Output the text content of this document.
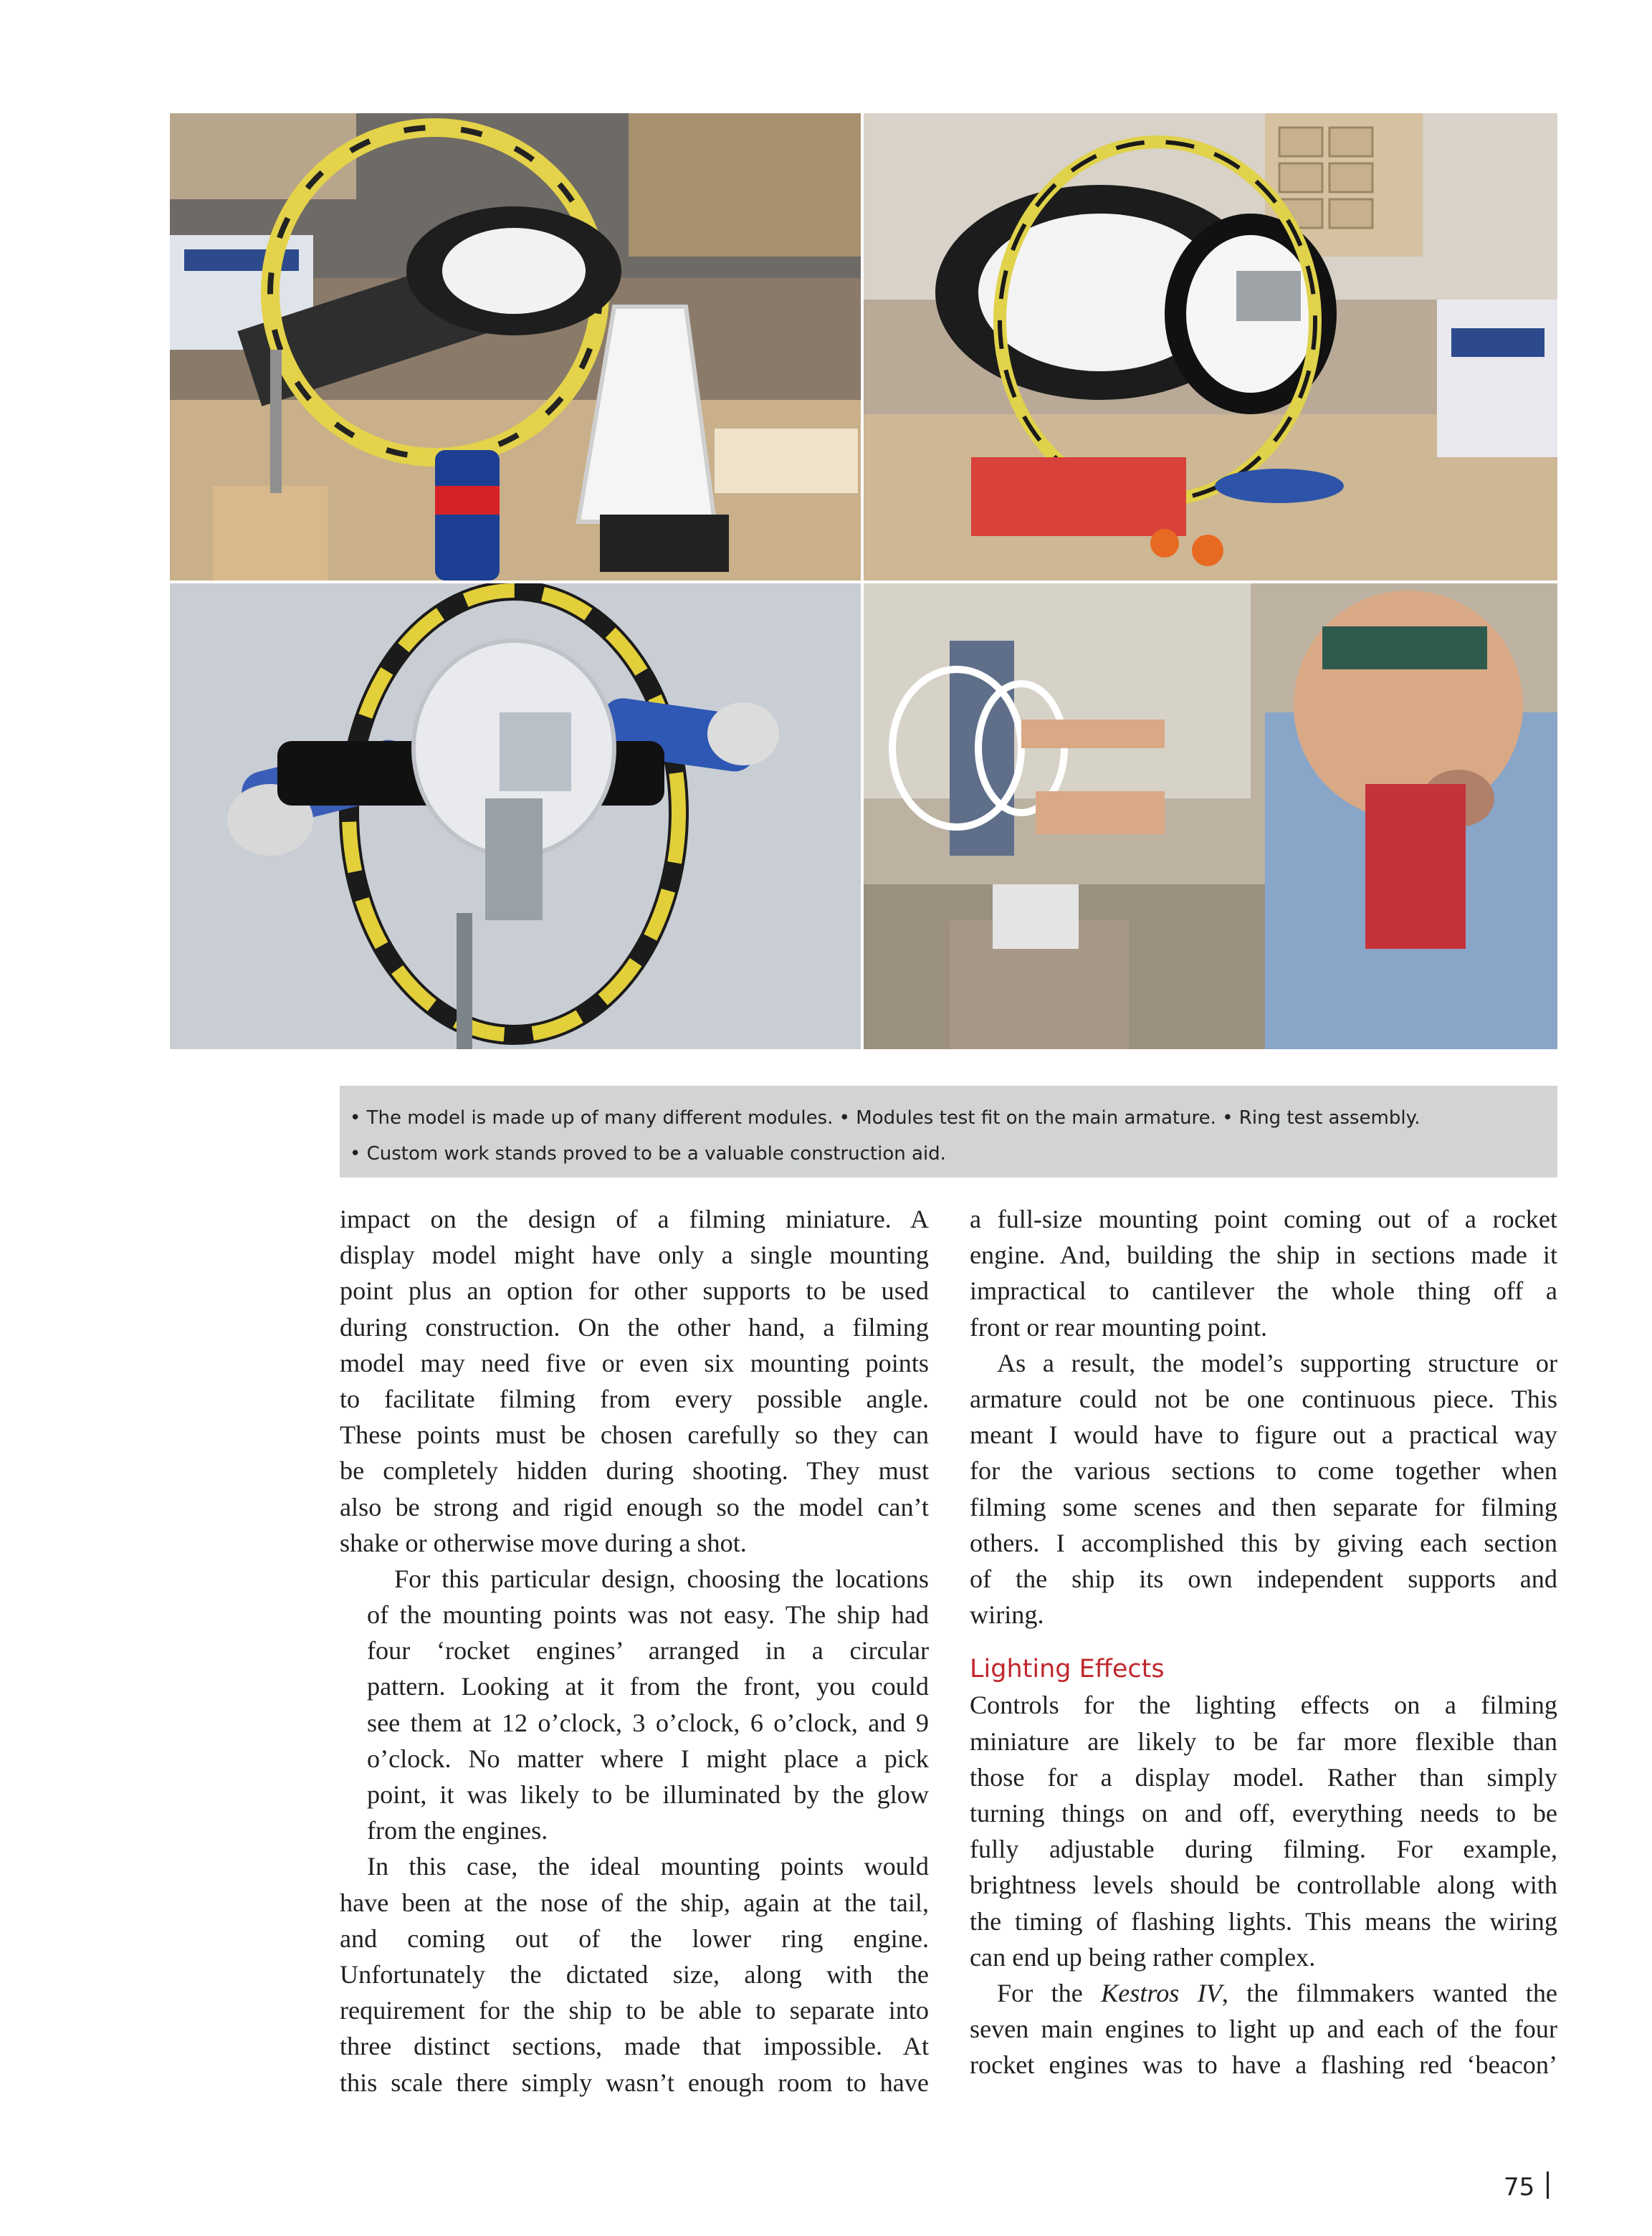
• The model is made up of many different modules. • Modules test fit on the main armature. • Ring test assembly.
• Custom work stands proved to be a valuable construction aid.

impact on the design of a filming miniature. A
display model might have only a single mounting
point plus an option for other supports to be used
during construction. On the other hand, a filming
model may need five or even six mounting points
to facilitate filming from every possible angle.
These points must be chosen carefully so they can
be completely hidden during shooting. They must
also be strong and rigid enough so the model can’t
shake or otherwise move during a shot.

For this particular design, choosing the locations
of the mounting points was not easy. The ship had
four ‘rocket engines’ arranged in a circular
pattern. Looking at it from the front, you could
see them at 12 o’clock, 3 o’clock, 6 o’clock, and 9
o’clock. No matter where I might place a pick
point, it was likely to be illuminated by the glow
from the engines.

In this case, the ideal mounting points would
have been at the nose of the ship, again at the tail,
and coming out of the lower ring engine.
Unfortunately the dictated size, along with the
requirement for the ship to be able to separate into
three distinct sections, made that impossible. At
this scale there simply wasn’t enough room to have

a full-size mounting point coming out of a rocket
engine. And, building the ship in sections made it
impractical to cantilever the whole thing off a
front or rear mounting point.

As a result, the model’s supporting structure or
armature could not be one continuous piece. This
meant I would have to figure out a practical way
for the various sections to come together when
filming some scenes and then separate for filming
others. I accomplished this by giving each section
of the ship its own independent supports and
wiring.

Lighting Effects

Controls for the lighting effects on a filming
miniature are likely to be far more flexible than
those for a display model. Rather than simply
turning things on and off, everything needs to be
fully adjustable during filming. For example,
brightness levels should be controllable along with
the timing of flashing lights. This means the wiring
can end up being rather complex.

For the Kestros IV, the filmmakers wanted the
seven main engines to light up and each of the four
rocket engines was to have a flashing red ‘beacon’

75
